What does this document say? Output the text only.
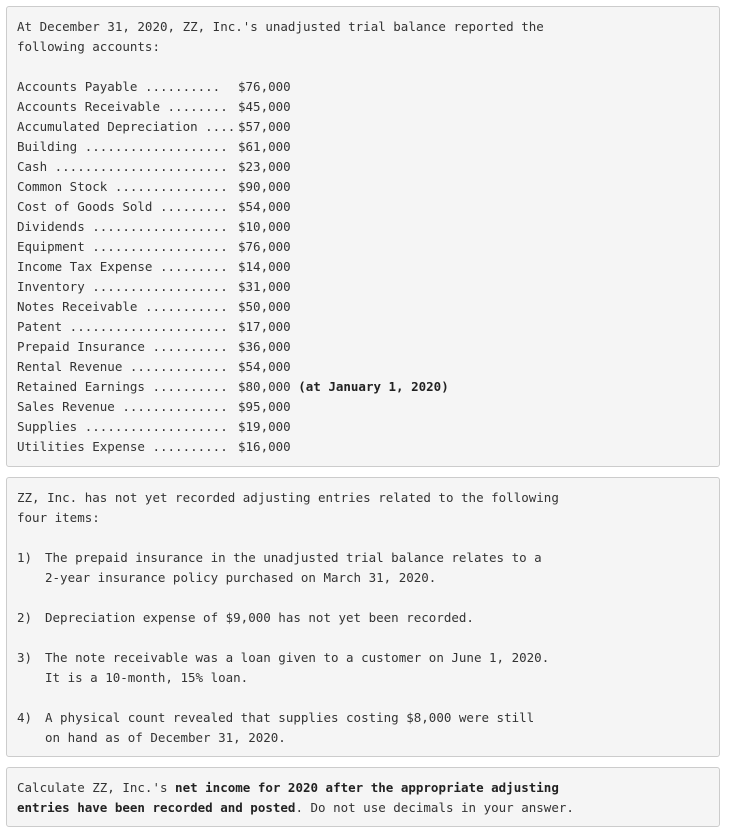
At December 31, 2020, ZZ, Inc.'s unadjusted trial balance reported the
following accounts:
Accounts Payable .......... $76,000
Accounts Receivable ........ $45,000
Accumulated Depreciation .... $57,000
Building ................... $61,000
Cash ....................... $23,000
Common Stock ............... $90,000
Cost of Goods Sold ......... $54,000
Dividends .................. $10,000
Equipment .................. $76,000
Income Tax Expense ......... $14,000
Inventory .................. $31,000
Notes Receivable ........... $50,000
Patent ..................... $17,000
Prepaid Insurance .......... $36,000
Rental Revenue ............. $54,000
Retained Earnings .......... $80,000 (at January 1, 2020)
Sales Revenue .............. $95,000
Supplies ................... $19,000
Utilities Expense .......... $16,000
ZZ, Inc. has not yet recorded adjusting entries related to the following
four items:
1) The prepaid insurance in the unadjusted trial balance relates to a
2-year insurance policy purchased on March 31, 2020.
2) Depreciation expense of $9,000 has not yet been recorded.
3) The note receivable was a loan given to a customer on June 1, 2020.
It is a 10-month, 15% loan.
4) A physical count revealed that supplies costing $8,000 were still
on hand as of December 31, 2020.
Calculate ZZ, Inc.'s net income for 2020 after the appropriate adjusting
entries have been recorded and posted. Do not use decimals in your answer.
